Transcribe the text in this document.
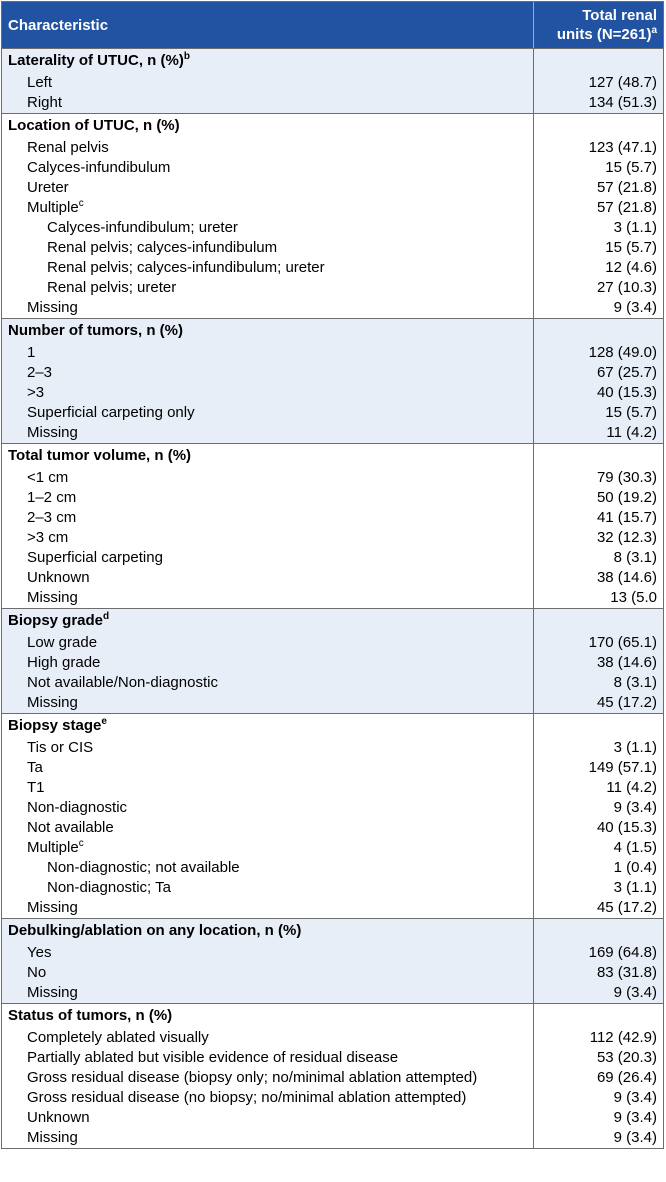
Characteristic
Total renal
units (N=261)$^a$
Laterality of UTUC, n (%)$^b$
Left	127 (48.7)
Right	134 (51.3)
Location of UTUC, n (%)
Renal pelvis	123 (47.1)
Calyces-infundibulum	15 (5.7)
Ureter	57 (21.8)
Multiple$^c$	57 (21.8)
Calyces-infundibulum; ureter	3 (1.1)
Renal pelvis; calyces-infundibulum	15 (5.7)
Renal pelvis; calyces-infundibulum; ureter	12 (4.6)
Renal pelvis; ureter	27 (10.3)
Missing	9 (3.4)
Number of tumors, n (%)
1	128 (49.0)
2–3	67 (25.7)
>3	40 (15.3)
Superficial carpeting only	15 (5.7)
Missing	11 (4.2)
Total tumor volume, n (%)
<1 cm	79 (30.3)
1–2 cm	50 (19.2)
2–3 cm	41 (15.7)
>3 cm	32 (12.3)
Superficial carpeting	8 (3.1)
Unknown	38 (14.6)
Missing	13 (5.0
Biopsy grade$^d$
Low grade	170 (65.1)
High grade	38 (14.6)
Not available/Non-diagnostic	8 (3.1)
Missing	45 (17.2)
Biopsy stage$^e$
Tis or CIS	3 (1.1)
Ta	149 (57.1)
T1	11 (4.2)
Non-diagnostic	9 (3.4)
Not available	40 (15.3)
Multiple$^c$	4 (1.5)
Non-diagnostic; not available	1 (0.4)
Non-diagnostic; Ta	3 (1.1)
Missing	45 (17.2)
Debulking/ablation on any location, n (%)
Yes	169 (64.8)
No	83 (31.8)
Missing	9 (3.4)
Status of tumors, n (%)
Completely ablated visually	112 (42.9)
Partially ablated but visible evidence of residual disease	53 (20.3)
Gross residual disease (biopsy only; no/minimal ablation attempted)	69 (26.4)
Gross residual disease (no biopsy; no/minimal ablation attempted)	9 (3.4)
Unknown	9 (3.4)
Missing	9 (3.4)
